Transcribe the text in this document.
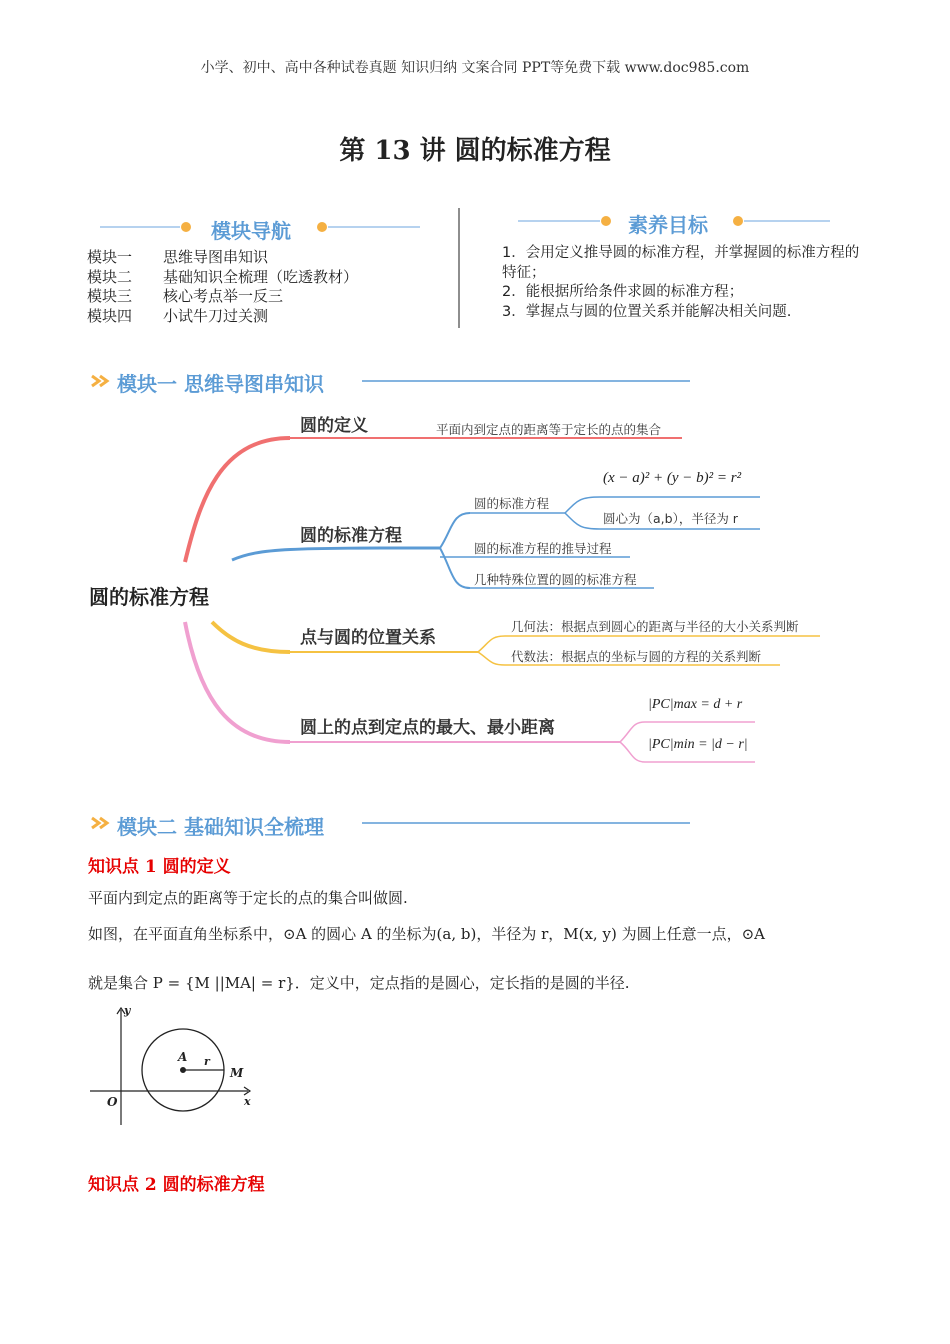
小学、初中、高中各种试卷真题 知识归纳 文案合同 PPT等免费下载 www.doc985.com
第 13 讲 圆的标准方程
模块导航
模块一 思维导图串知识
模块二 基础知识全梳理（吃透教材）
模块三 核心考点举一反三
模块四 小试牛刀过关测
素养目标
1．会用定义推导圆的标准方程，并掌握圆的标准方程的特征；
2．能根据所给条件求圆的标准方程；
3．掌握点与圆的位置关系并能解决相关问题.
模块一 思维导图串知识
圆的标准方程
圆的定义	平面内到定点的距离等于定长的点的集合
圆的标准方程
圆的标准方程
(x − a)² + (y − b)² = r²
圆心为（a,b），半径为 r
圆的标准方程的推导过程
几种特殊位置的圆的标准方程
点与圆的位置关系
几何法：根据点到圆心的距离与半径的大小关系判断
代数法：根据点的坐标与圆的方程的关系判断
圆上的点到定点的最大、最小距离
|PC|max = d + r
|PC|min = |d − r|
模块二 基础知识全梳理
知识点 1 圆的定义
平面内到定点的距离等于定长的点的集合叫做圆.
如图，在平面直角坐标系中，⊙A 的圆心 A 的坐标为(a, b)，半径为 r，M(x, y) 为圆上任意一点，⊙A
就是集合 P = {M ||MA| = r}．定义中，定点指的是圆心，定长指的是圆的半径.
y
x
O
A r
M
知识点 2 圆的标准方程
